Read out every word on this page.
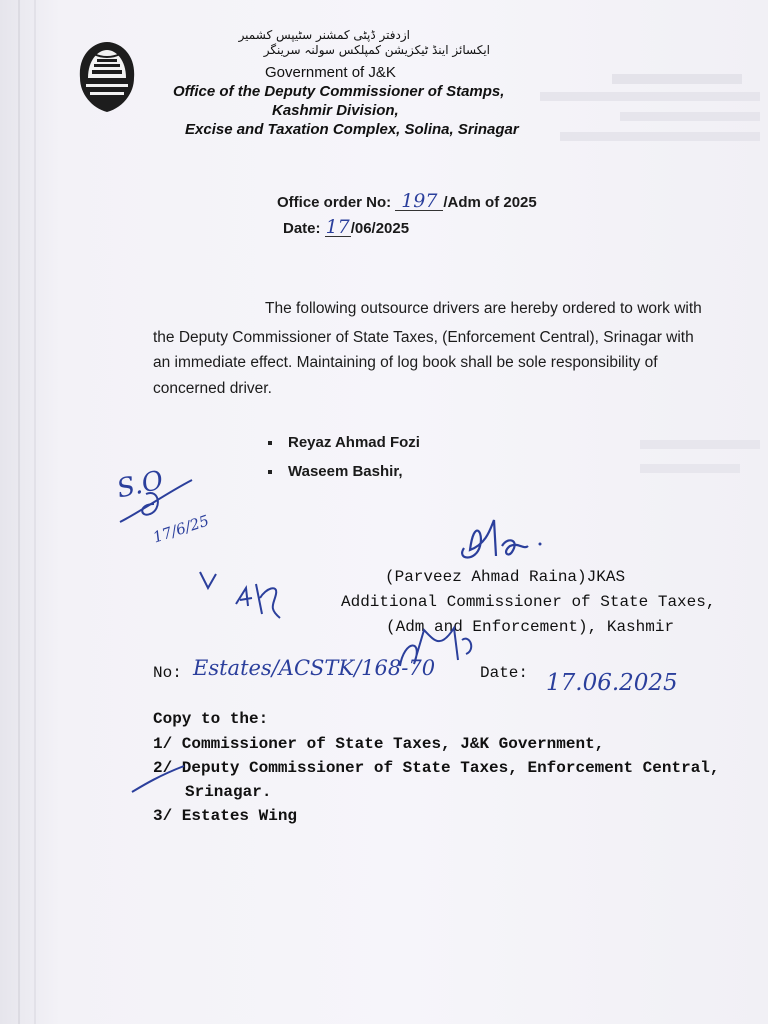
ازدفتر ڈپٹی کمشنر سٹیپس کشمیر
ایکسائز اینڈ ٹیکزیشن کمپلکس سولنہ سرینگر
Government of J&K
Office of the Deputy Commissioner of Stamps,
Kashmir Division,
Excise and Taxation Complex, Solina, Srinagar
Office order No: 197 /Adm of 2025
Date: 17/06/2025
The following outsource drivers are hereby ordered to work with
the Deputy Commissioner of State Taxes, (Enforcement Central), Srinagar with
an immediate effect. Maintaining of log book shall be sole responsibility of
concerned driver.
Reyaz Ahmad Fozi
Waseem Bashir,
S.O
17/6/25
(Parveez Ahmad Raina)JKAS
Additional Commissioner of State Taxes,
(Adm and Enforcement), Kashmir
No: Estates/ACSTK/168-70	Date: 17.06.2025
Copy to the:
1/ Commissioner of State Taxes, J&K Government,
2/ Deputy Commissioner of State Taxes, Enforcement Central,
Srinagar.
3/ Estates Wing
